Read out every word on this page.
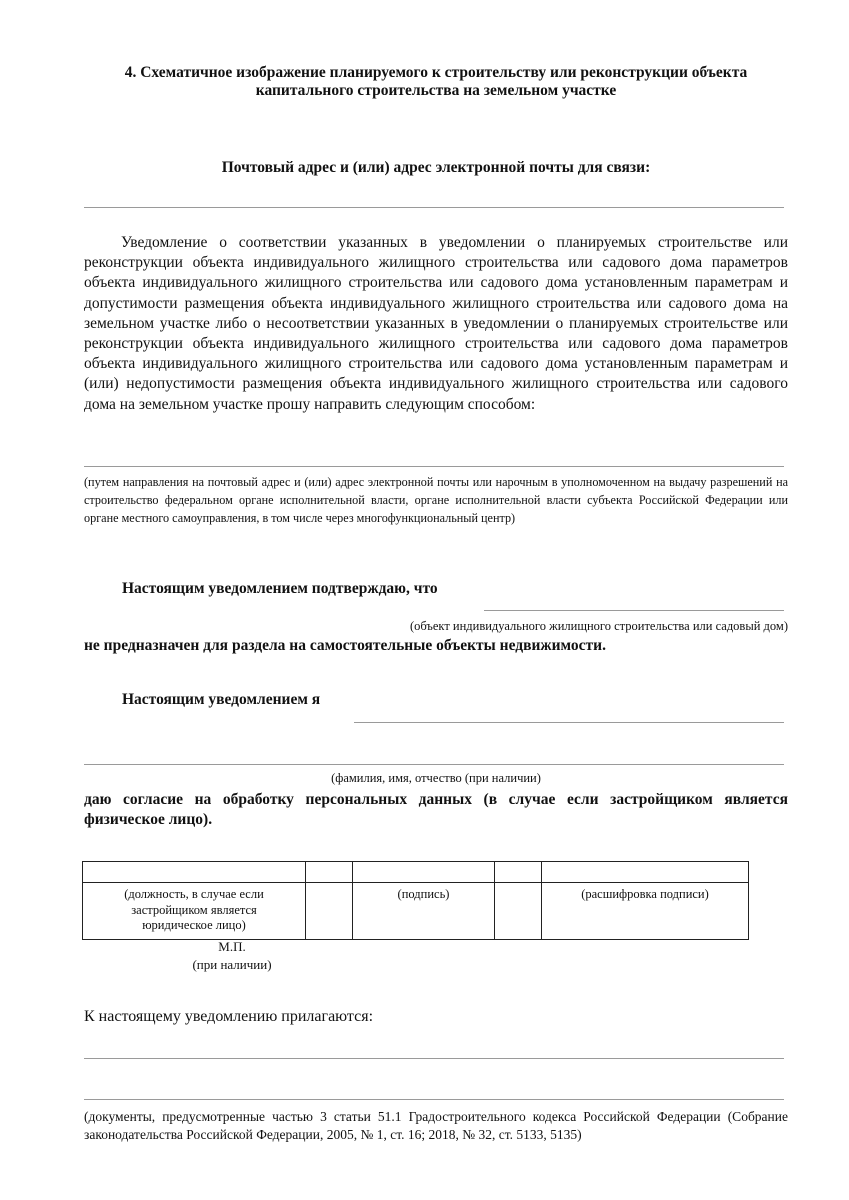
4. Схематичное изображение планируемого к строительству или реконструкции объекта
капитального строительства на земельном участке
Почтовый адрес и (или) адрес электронной почты для связи:
Уведомление о соответствии указанных в уведомлении о планируемых строительстве или реконструкции объекта индивидуального жилищного строительства или садового дома параметров объекта индивидуального жилищного строительства или садового дома установленным параметрам и допустимости размещения объекта индивидуального жилищного строительства или садового дома на земельном участке либо о несоответствии указанных в уведомлении о планируемых строительстве или реконструкции объекта индивидуального жилищного строительства или садового дома параметров объекта индивидуального жилищного строительства или садового дома установленным параметрам и (или) недопустимости размещения объекта индивидуального жилищного строительства или садового дома на земельном участке прошу направить следующим способом:
(путем направления на почтовый адрес и (или) адрес электронной почты или нарочным в уполномоченном на выдачу разрешений на строительство федеральном органе исполнительной власти, органе исполнительной власти субъекта Российской Федерации или органе местного самоуправления, в том числе через многофункциональный центр)
Настоящим уведомлением подтверждаю, что
(объект индивидуального жилищного строительства или садовый дом)
не предназначен для раздела на самостоятельные объекты недвижимости.
Настоящим уведомлением я
(фамилия, имя, отчество (при наличии)
даю согласие на обработку персональных данных (в случае если застройщиком является физическое лицо).

(должность, в случае если застройщиком является юридическое лицо)		(подпись)		(расшифровка подписи)
М.П.
(при наличии)
К настоящему уведомлению прилагаются:
(документы, предусмотренные частью 3 статьи 51.1 Градостроительного кодекса Российской Федерации (Собрание законодательства Российской Федерации, 2005, № 1, ст. 16; 2018, № 32, ст. 5133, 5135)
